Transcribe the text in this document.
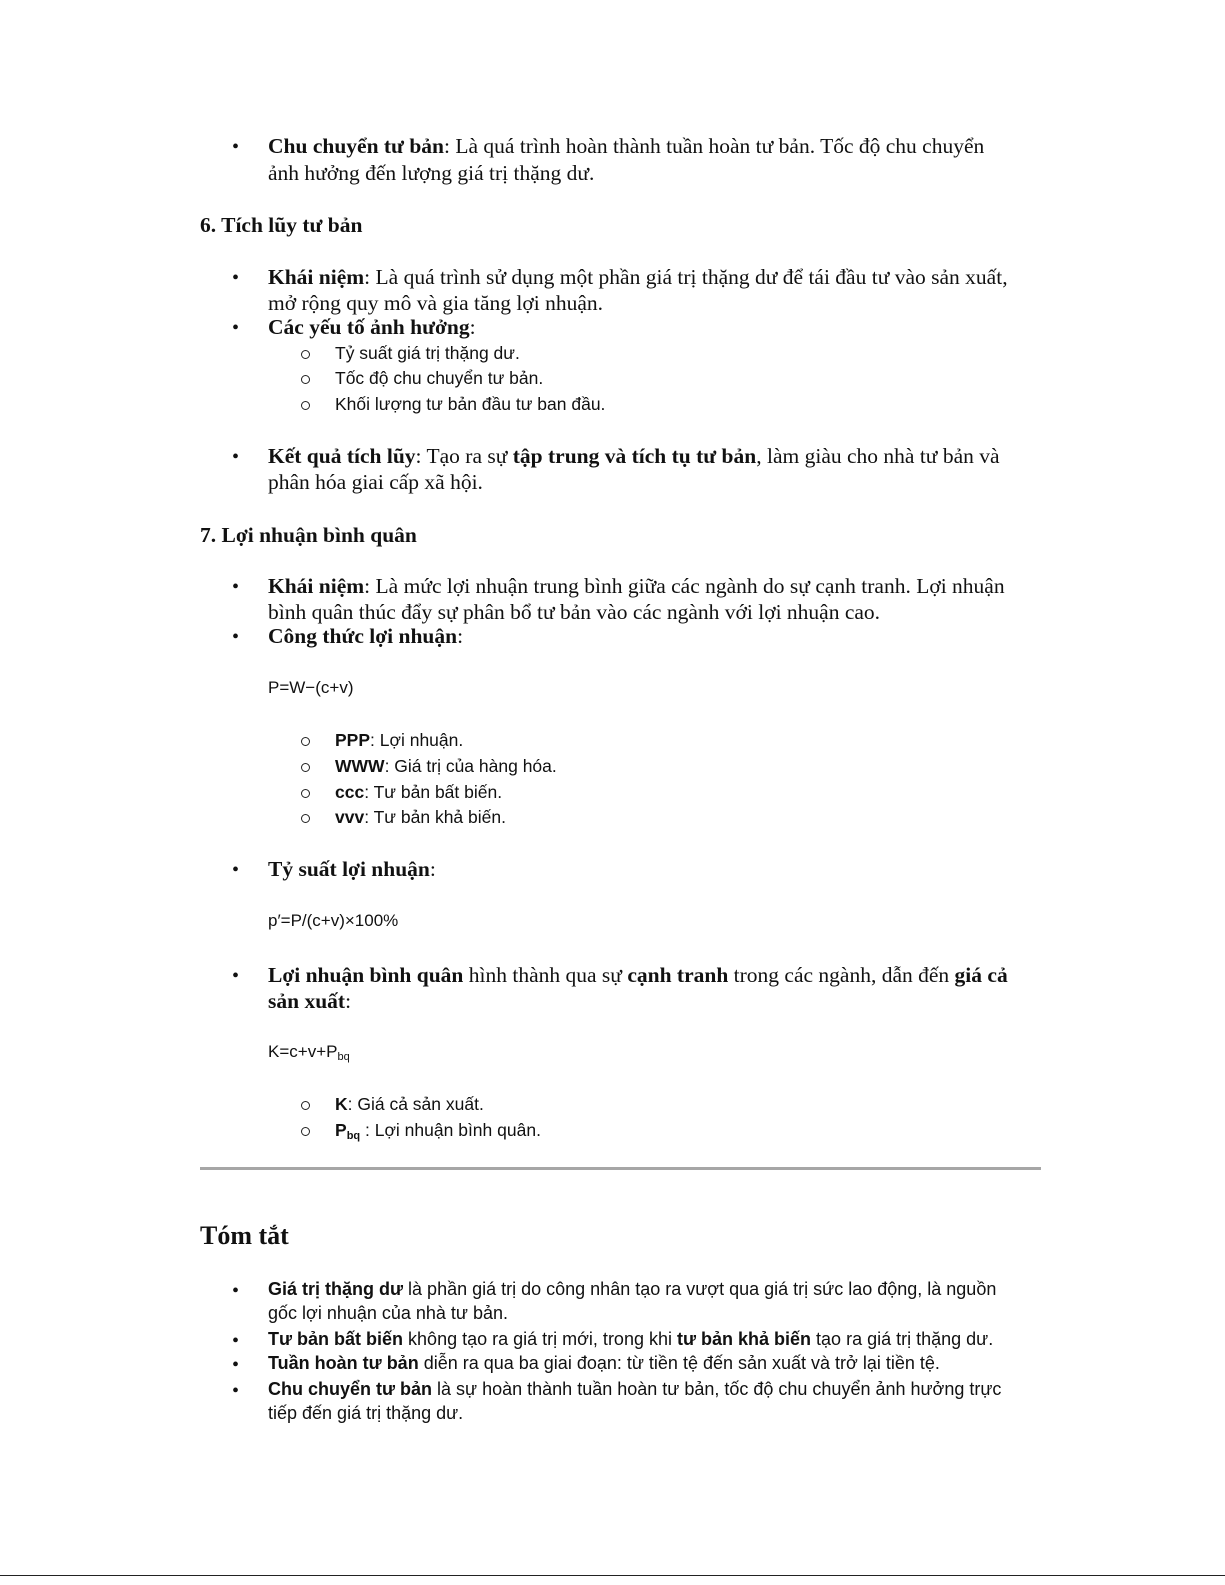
• Chu chuyển tư bản: Là quá trình hoàn thành tuần hoàn tư bản. Tốc độ chu chuyển
ảnh hưởng đến lượng giá trị thặng dư.
6. Tích lũy tư bản
• Khái niệm: Là quá trình sử dụng một phần giá trị thặng dư để tái đầu tư vào sản xuất,
mở rộng quy mô và gia tăng lợi nhuận.
• Các yếu tố ảnh hưởng:
Tỷ suất giá trị thặng dư.
Tốc độ chu chuyển tư bản.
Khối lượng tư bản đầu tư ban đầu.
• Kết quả tích lũy: Tạo ra sự tập trung và tích tụ tư bản, làm giàu cho nhà tư bản và
phân hóa giai cấp xã hội.
7. Lợi nhuận bình quân
• Khái niệm: Là mức lợi nhuận trung bình giữa các ngành do sự cạnh tranh. Lợi nhuận
bình quân thúc đẩy sự phân bổ tư bản vào các ngành với lợi nhuận cao.
• Công thức lợi nhuận:
P=W−(c+v)
PPP: Lợi nhuận.
WWW: Giá trị của hàng hóa.
ccc: Tư bản bất biến.
vvv: Tư bản khả biến.
• Tỷ suất lợi nhuận:
p′=P/(c+v)×100%
• Lợi nhuận bình quân hình thành qua sự cạnh tranh trong các ngành, dẫn đến giá cả
sản xuất:
$K=c+v+P_{bq}$
K: Giá cả sản xuất.
$P_{bq}$ : Lợi nhuận bình quân.
Tóm tắt
• Giá trị thặng dư là phần giá trị do công nhân tạo ra vượt qua giá trị sức lao động, là nguồn
gốc lợi nhuận của nhà tư bản.
• Tư bản bất biến không tạo ra giá trị mới, trong khi tư bản khả biến tạo ra giá trị thặng dư.
• Tuần hoàn tư bản diễn ra qua ba giai đoạn: từ tiền tệ đến sản xuất và trở lại tiền tệ.
• Chu chuyển tư bản là sự hoàn thành tuần hoàn tư bản, tốc độ chu chuyển ảnh hưởng trực
tiếp đến giá trị thặng dư.
